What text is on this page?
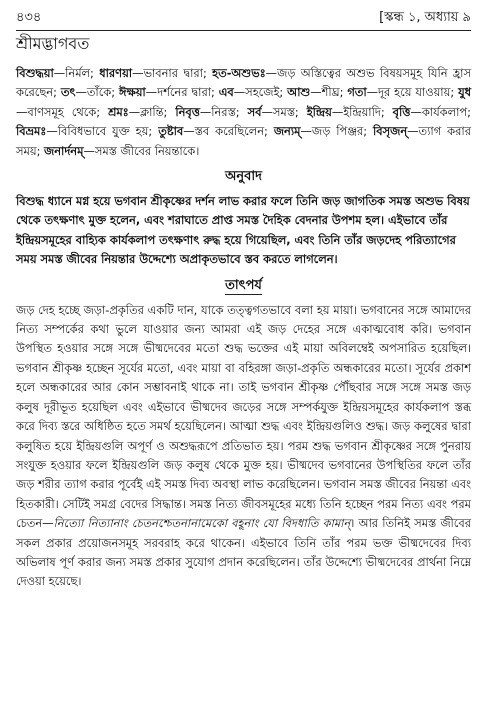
৪৩৪	[স্কন্ধ ১, অধ্যায় ৯
শ্রীমদ্ভাগবত

বিশুদ্ধয়া—নির্মল; ধারণয়া—ভাবনার দ্বারা; হত-অশুভঃ—জড় অস্তিত্বের অশুভ বিষয়সমূহ যিনি হ্রাস করেছেন; তৎ—তাঁকে; ঈক্ষয়া—দর্শনের দ্বারা; এব—সহজেই; আশু—শীঘ্র; গতা—দূর হয়ে যাওয়ায়; যুধ—বাণসমূহ থেকে; শ্রমঃ—ক্লান্তি; নিবৃত্ত—নিরস্ত; সর্ব—সমস্ত; ইন্দ্রিয়—ইন্দ্রিয়াদি; বৃত্তি—কার্যকলাপ; বিভ্রমঃ—বিবিধভাবে যুক্ত হয়; তুষ্টাব—স্তব করেছিলেন; জন্যম্—জড় পিঞ্জর; বিসৃজন্—ত্যাগ করার সময়; জনার্দনম্—সমস্ত জীবের নিয়ন্তাকে।

অনুবাদ

বিশুদ্ধ ধ্যানে মগ্ন হয়ে ভগবান শ্রীকৃষ্ণের দর্শন লাভ করার ফলে তিনি জড় জাগতিক সমস্ত অশুভ বিষয় থেকে তৎক্ষণাৎ মুক্ত হলেন, এবং শরাঘাতে প্রাপ্ত সমস্ত দৈহিক বেদনার উপশম হল। এইভাবে তাঁর ইন্দ্রিয়সমূহের বাহ্যিক কার্যকলাপ তৎক্ষণাৎ রুদ্ধ হয়ে গিয়েছিল, এবং তিনি তাঁর জড়দেহ পরিত্যাগের সময় সমস্ত জীবের নিয়ন্তার উদ্দেশ্যে অপ্রাকৃতভাবে স্তব করতে লাগলেন।

তাৎপর্য

জড় দেহ হচ্ছে জড়া-প্রকৃতির একটি দান, যাকে তত্ত্বগতভাবে বলা হয় মায়া। ভগবানের সঙ্গে আমাদের নিত্য সম্পর্কের কথা ভুলে যাওয়ার জন্য আমরা এই জড় দেহের সঙ্গে একাত্মবোধ করি। ভগবান উপস্থিত হওয়ার সঙ্গে সঙ্গে ভীষ্মদেবের মতো শুদ্ধ ভক্তের এই মায়া অবিলম্বেই অপসারিত হয়েছিল। ভগবান শ্রীকৃষ্ণ হচ্ছেন সূর্যের মতো, এবং মায়া বা বহিরঙ্গা জড়া-প্রকৃতি অন্ধকারের মতো। সূর্যের প্রকাশ হলে অন্ধকারের আর কোন সম্ভাবনাই থাকে না। তাই ভগবান শ্রীকৃষ্ণ পৌঁছবার সঙ্গে সঙ্গে সমস্ত জড় কলুষ দূরীভূত হয়েছিল এবং এইভাবে ভীষ্মদেব জড়ের সঙ্গে সম্পর্কযুক্ত ইন্দ্রিয়সমূহের কার্যকলাপ স্তব্ধ করে দিব্য স্তরে অধিষ্ঠিত হতে সমর্থ হয়েছিলেন। আত্মা শুদ্ধ এবং ইন্দ্রিয়গুলিও শুদ্ধ। জড় কলুষের দ্বারা কলুষিত হয়ে ইন্দ্রিয়গুলি অপূর্ণ ও অশুদ্ধরূপে প্রতিভাত হয়। পরম শুদ্ধ ভগবান শ্রীকৃষ্ণের সঙ্গে পুনরায় সংযুক্ত হওয়ার ফলে ইন্দ্রিয়গুলি জড় কলুষ থেকে মুক্ত হয়। ভীষ্মদেব ভগবানের উপস্থিতির ফলে তাঁর জড় শরীর ত্যাগ করার পূর্বেই এই সমস্ত দিব্য অবস্থা লাভ করেছিলেন। ভগবান সমস্ত জীবের নিয়ন্তা এবং হিতকারী। সেটিই সমগ্র বেদের সিদ্ধান্ত। সমস্ত নিত্য জীবসমূহের মধ্যে তিনি হচ্ছেন পরম নিত্য এবং পরম চেতন—নিত্যো নিত্যানাং চেতনশ্চেতনানামেকো বহূনাং যো বিদধাতি কামান্। আর তিনিই সমস্ত জীবের সকল প্রকার প্রয়োজনসমূহ সরবরাহ করে থাকেন। এইভাবে তিনি তাঁর পরম ভক্ত ভীষ্মদেবের দিব্য অভিলাষ পূর্ণ করার জন্য সমস্ত প্রকার সুযোগ প্রদান করেছিলেন। তাঁর উদ্দেশ্যে ভীষ্মদেবের প্রার্থনা নিম্নে দেওয়া হয়েছে।
